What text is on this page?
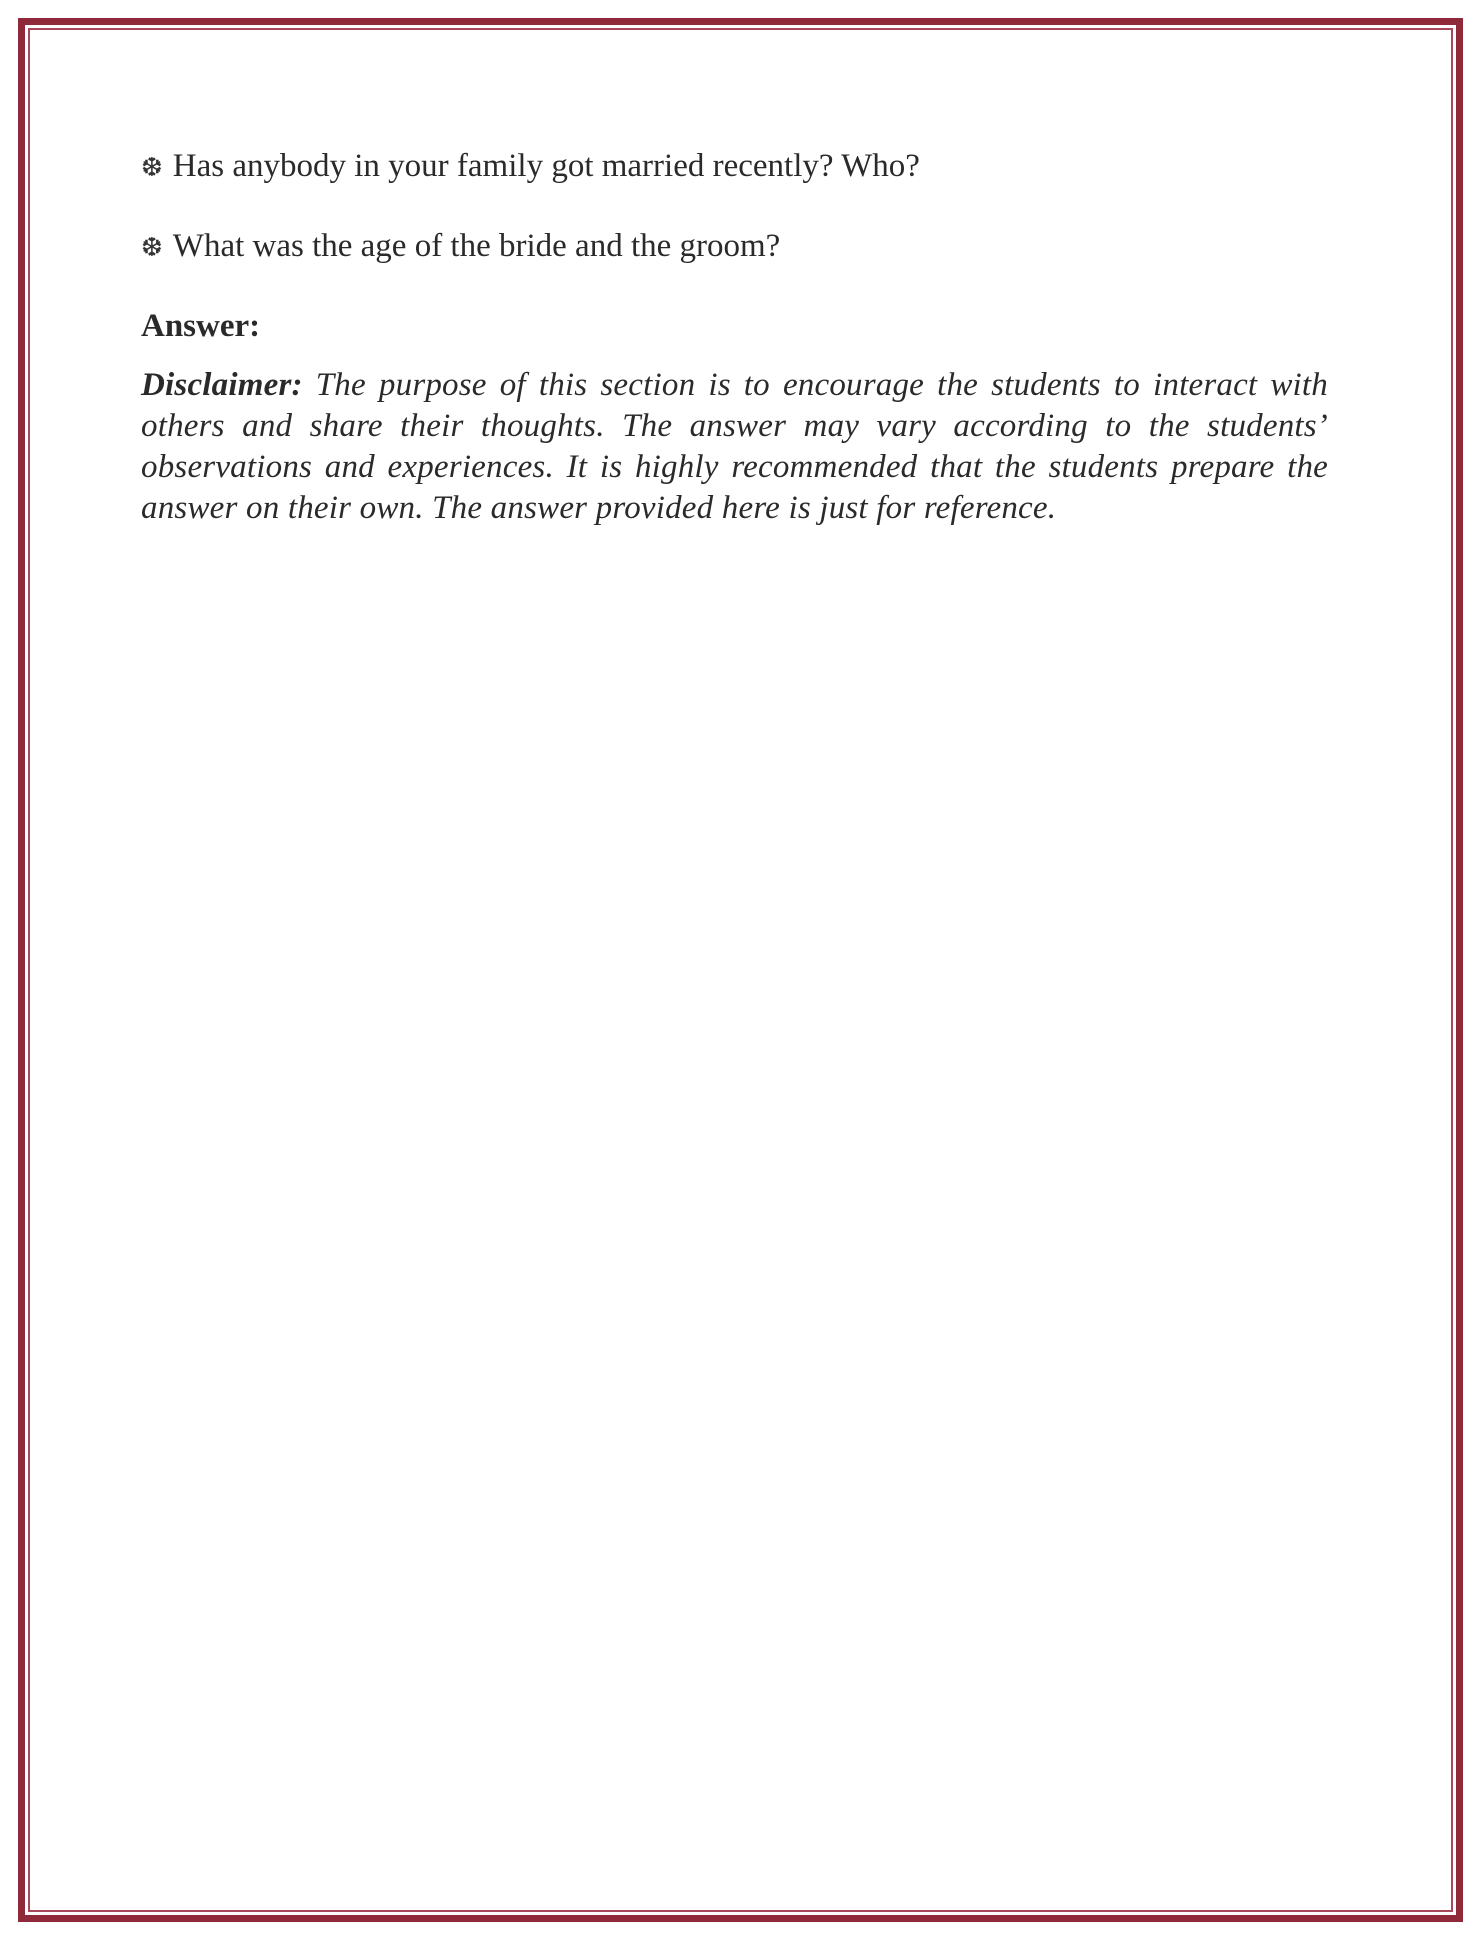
❆ Has anybody in your family got married recently? Who?
❆ What was the age of the bride and the groom?
Answer:

Disclaimer: The purpose of this section is to encourage the students to interact with others and share their thoughts. The answer may vary according to the students’ observations and experiences. It is highly recommended that the students prepare the answer on their own. The answer provided here is just for reference.
